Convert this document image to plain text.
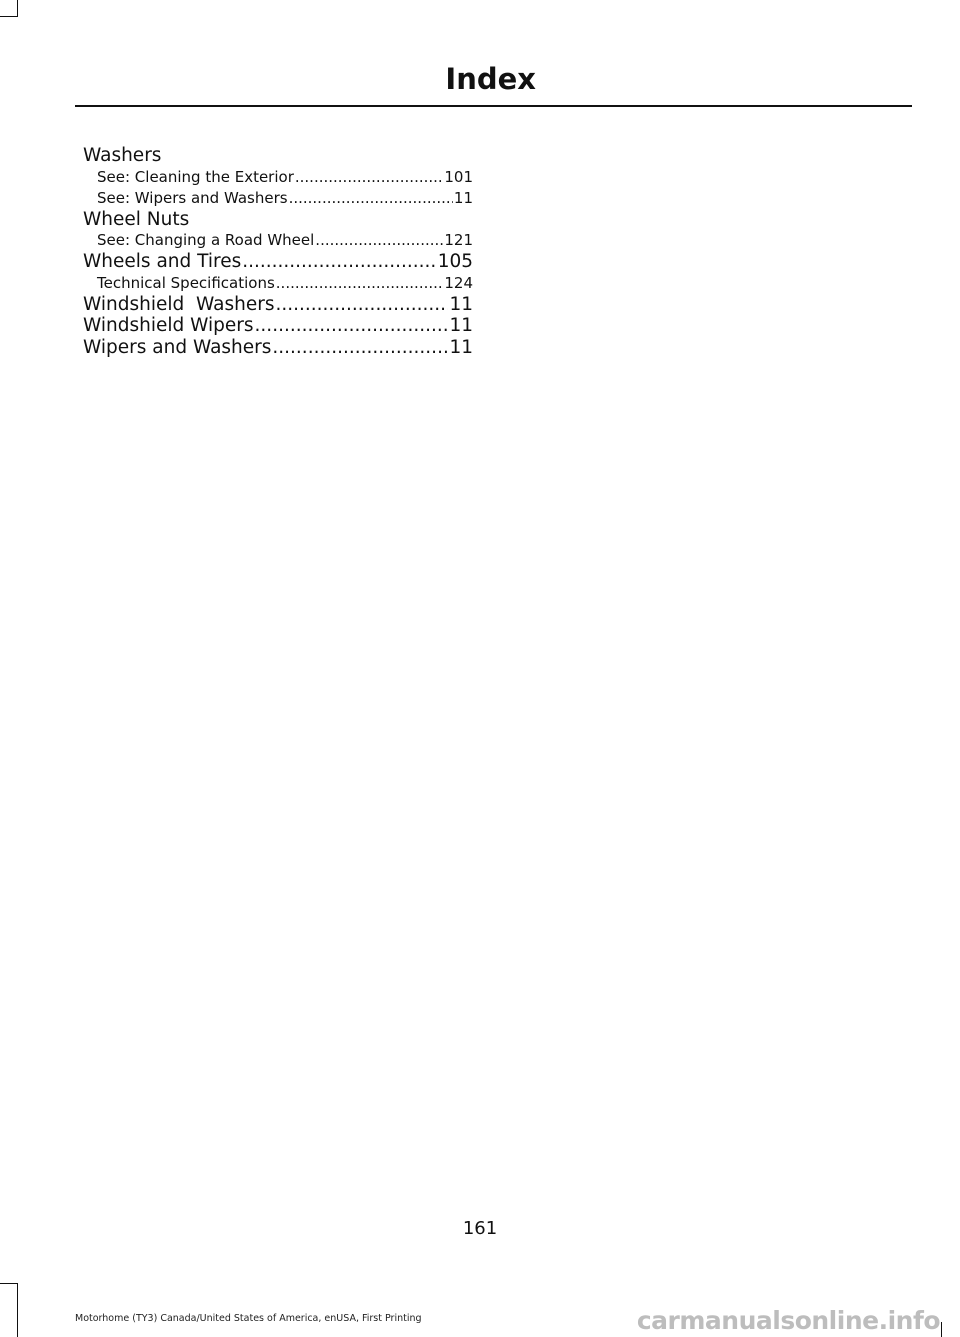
Index
Washers
See: Cleaning the Exterior .....	101
See: Wipers and Washers .....	11
Wheel Nuts
See: Changing a Road Wheel .....	121
Wheels and Tires .....	105
Technical Specifications .....	124
Windshield  Washers .....	11
Windshield Wipers .....	11
Wipers and Washers .....	11
161
Motorhome (TY3) Canada/United States of America, enUSA, First Printing	carmanualsonline.info
